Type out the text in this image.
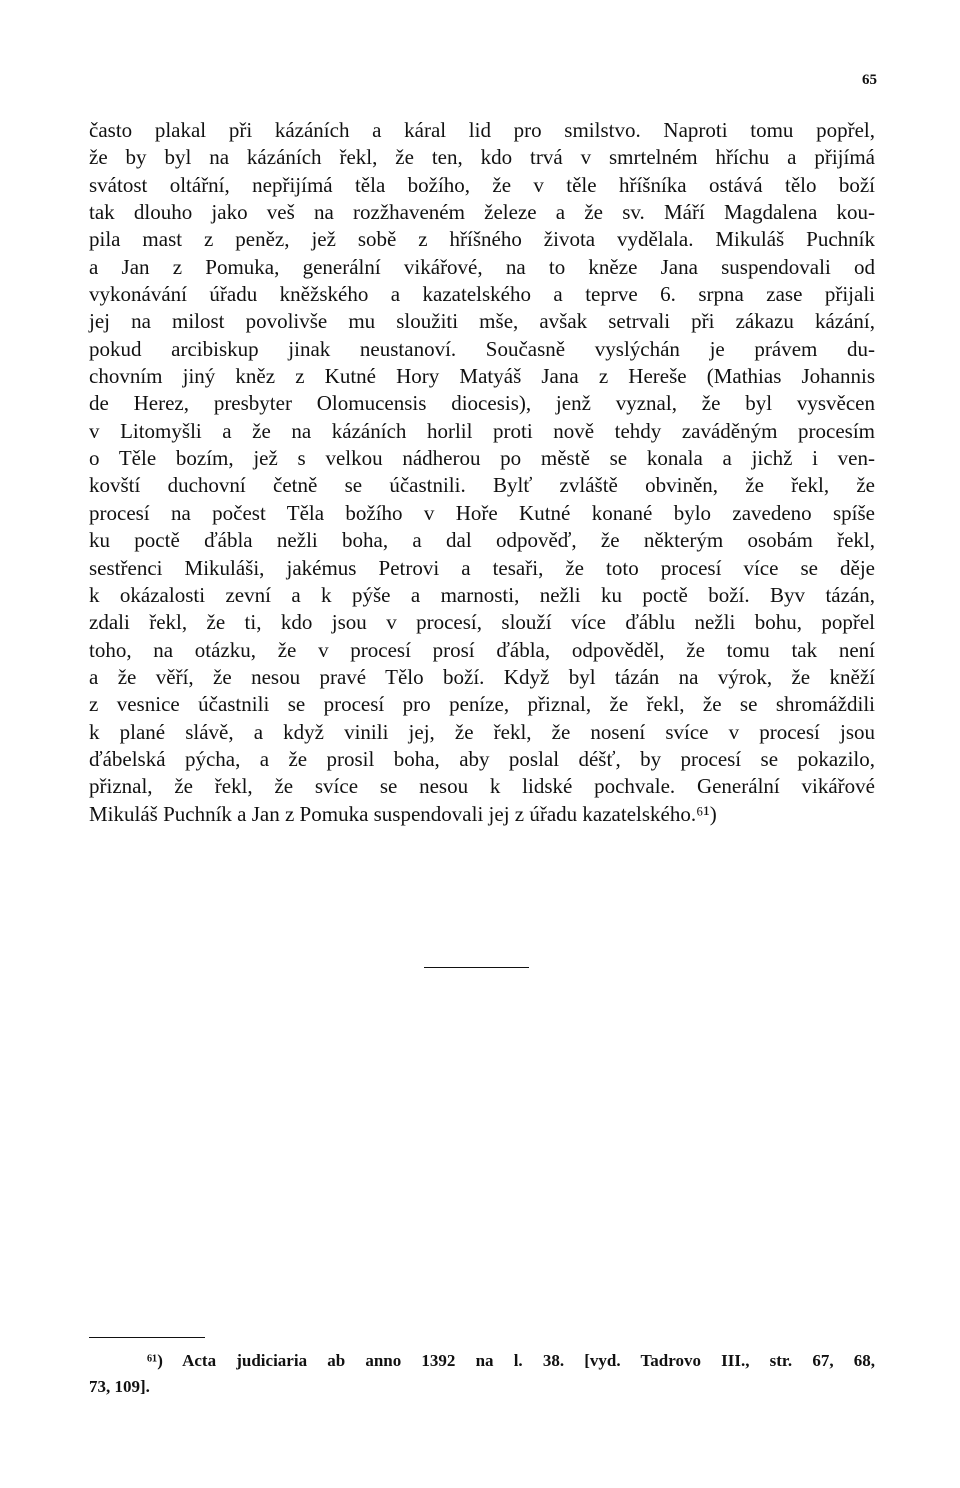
65
často plakal při kázáních a káral lid pro smilstvo. Naproti tomu popřel,
že by byl na kázáních řekl, že ten, kdo trvá v smrtelném hříchu a přijímá
svátost oltářní, nepřijímá těla božího, že v těle hříšníka ostává tělo boží
tak dlouho jako veš na rozžhaveném železe a že sv. Máří Magdalena kou-
pila mast z peněz, jež sobě z hříšného života vydělala. Mikuláš Puchník
a Jan z Pomuka, generální vikářové, na to kněze Jana suspendovali od
vykonávání úřadu kněžského a kazatelského a teprve 6. srpna zase přijali
jej na milost povolivše mu sloužiti mše, avšak setrvali při zákazu kázání,
pokud arcibiskup jinak neustanoví. Současně vyslýchán je právem du-
chovním jiný kněz z Kutné Hory Matyáš Jana z Hereše (Mathias Johannis
de Herez, presbyter Olomucensis diocesis), jenž vyznal, že byl vysvěcen
v Litomyšli a že na kázáních horlil proti nově tehdy zaváděným procesím
o Těle bozím, jež s velkou nádherou po městě se konala a jichž i ven-
kovští duchovní četně se účastnili. Bylť zvláště obviněn, že řekl, že
procesí na počest Těla božího v Hoře Kutné konané bylo zavedeno spíše
ku poctě ďábla nežli boha, a dal odpověď, že některým osobám řekl,
sestřenci Mikuláši, jakémus Petrovi a tesaři, že toto procesí více se děje
k okázalosti zevní a k pýše a marnosti, nežli ku poctě boží. Byv tázán,
zdali řekl, že ti, kdo jsou v procesí, slouží více ďáblu nežli bohu, popřel
toho, na otázku, že v procesí prosí ďábla, odpověděl, že tomu tak není
a že věří, že nesou pravé Tělo boží. Když byl tázán na výrok, že kněží
z vesnice účastnili se procesí pro peníze, přiznal, že řekl, že se shromáždili
k plané slávě, a když vinili jej, že řekl, že nosení svíce v procesí jsou
ďábelská pýcha, a že prosil boha, aby poslal déšť, by procesí se pokazilo,
přiznal, že řekl, že svíce se nesou k lidské pochvale. Generální vikářové
Mikuláš Puchník a Jan z Pomuka suspendovali jej z úřadu kazatelského.⁶¹)
⁶¹) Acta judiciaria ab anno 1392 na l. 38. [vyd. Tadrovo III., str. 67, 68,
73, 109].
